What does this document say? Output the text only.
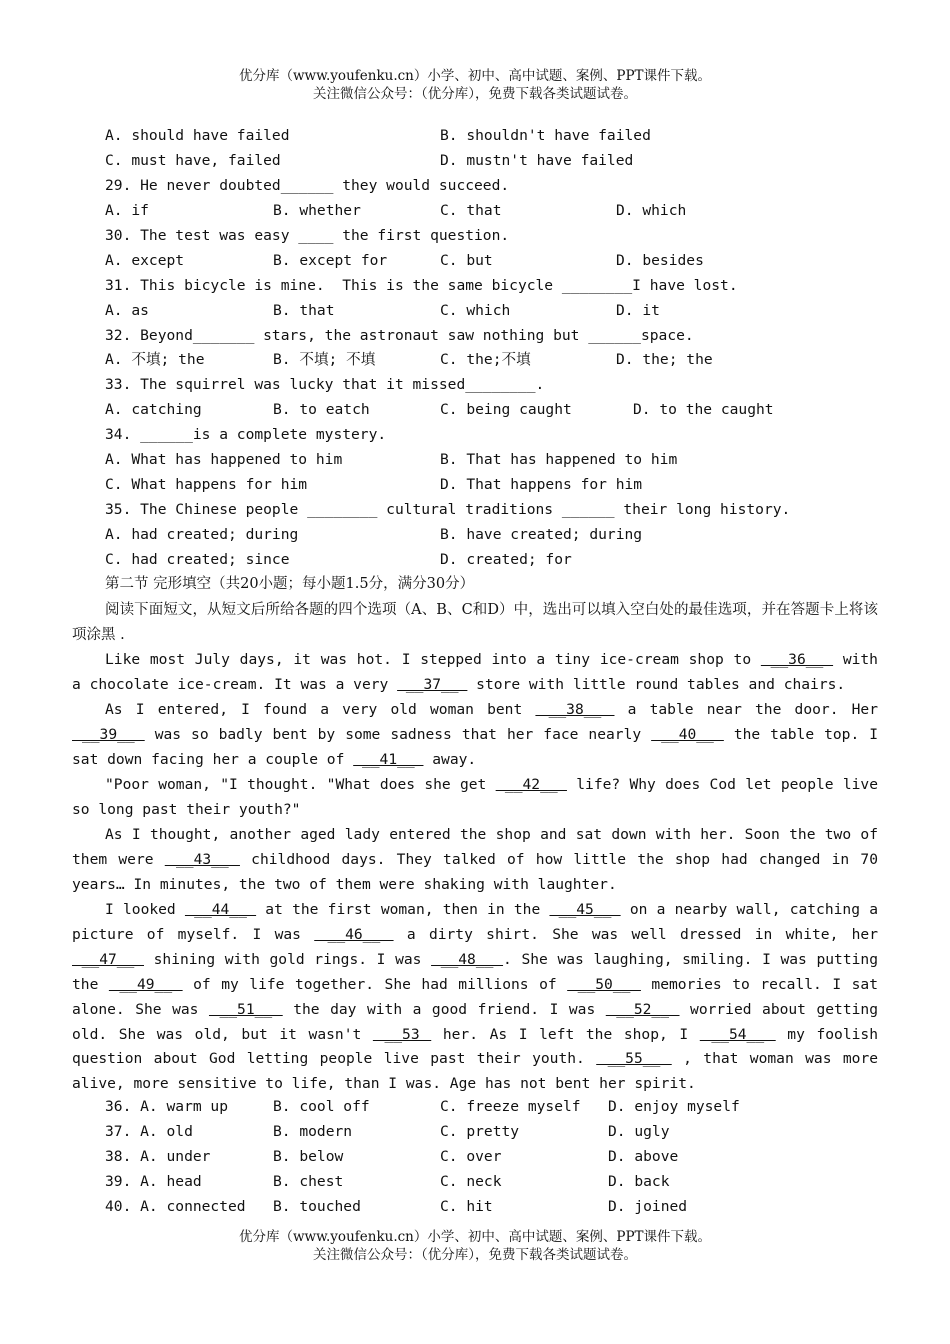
优分库（www.youfenku.cn）小学、初中、高中试题、案例、PPT课件下载。
关注微信公众号：（优分库），免费下载各类试题试卷。

A. should have failed

	B. shouldn't have failed

C. must have, failed

	D. mustn't have failed

29. He never doubted______ they would succeed.

A. if

	B. whether

	C. that

	D. which

30. The test was easy ____ the first question.

A. except

	B. except for

	C. but

	D. besides

31. This bicycle is mine.  This is the same bicycle ________I have lost.

A. as

	B. that

	C. which

	D. it

32. Beyond_______ stars, the astronaut saw nothing but ______space.

A. 不填; the

	B. 不填; 不填

	C. the;不填

	D. the; the

33. The squirrel was lucky that it missed________.

A. catching

	B. to eatch

	C. being caught

	D. to the caught

34. ______is a complete mystery.

A. What has happened to him

	B. That has happened to him

C. What happens for him

	D. That happens for him

35. The Chinese people ________ cultural traditions ______ their long history.

A. had created; during

	B. have created; during

C. had created; since

	D. created; for

第二节 完形填空（共20小题；每小题1.5分，满分30分）
阅读下面短文，从短文后所给各题的四个选项（A、B、C和D）中，选出可以填入空白处的最佳选项，并在答题卡上将该项涂黑 .
Like most July days, it was hot. I stepped into a tiny ice-cream shop to  __36__  with a chocolate ice-cream. It was a very  __37__  store with little round tables and chairs.
As I entered, I found a very old woman bent  __38__  a table near the door. Her  __39__  was so badly bent by some sadness that her face nearly  __40__  the table top. I sat down facing her a couple of  __41__  away.
"Poor woman, "I thought. "What does she get  __42__  life? Why does Cod let people live so long past their youth?"
As I thought, another aged lady entered the shop and sat down with her. Soon the two of them were  __43__  childhood days. They talked of how little the shop had changed in 70 years… In minutes, the two of them were shaking with laughter.
I looked  __44__  at the first woman, then in the  __45__  on a nearby wall, catching a picture of myself. I was  __46__  a dirty shirt. She was well dressed in white, her  __47__  shining with gold rings. I was  __48__ . She was laughing, smiling. I was putting the  __49__  of my life together. She had millions of  __50__  memories to recall. I sat alone. She was  __51__  the day with a good friend. I was  __52__  worried about getting old. She was old, but it wasn't  __53  her. As I left the shop, I  __54__  my foolish question about God letting people live past their youth.  __55__  , that woman was more alive, more sensitive to life, than I was. Age has not bent her spirit.

36. A. warm up

	B. cool off

	C. freeze myself

D. enjoy myself

37. A. old

	B. modern

	C. pretty

	D. ugly

38. A. under

	B. below

	C. over

	D. above

39. A. head

	B. chest

	C. neck

	D. back

40. A. connected

B. touched

	C. hit

	D. joined

优分库（www.youfenku.cn）小学、初中、高中试题、案例、PPT课件下载。
关注微信公众号：（优分库），免费下载各类试题试卷。
